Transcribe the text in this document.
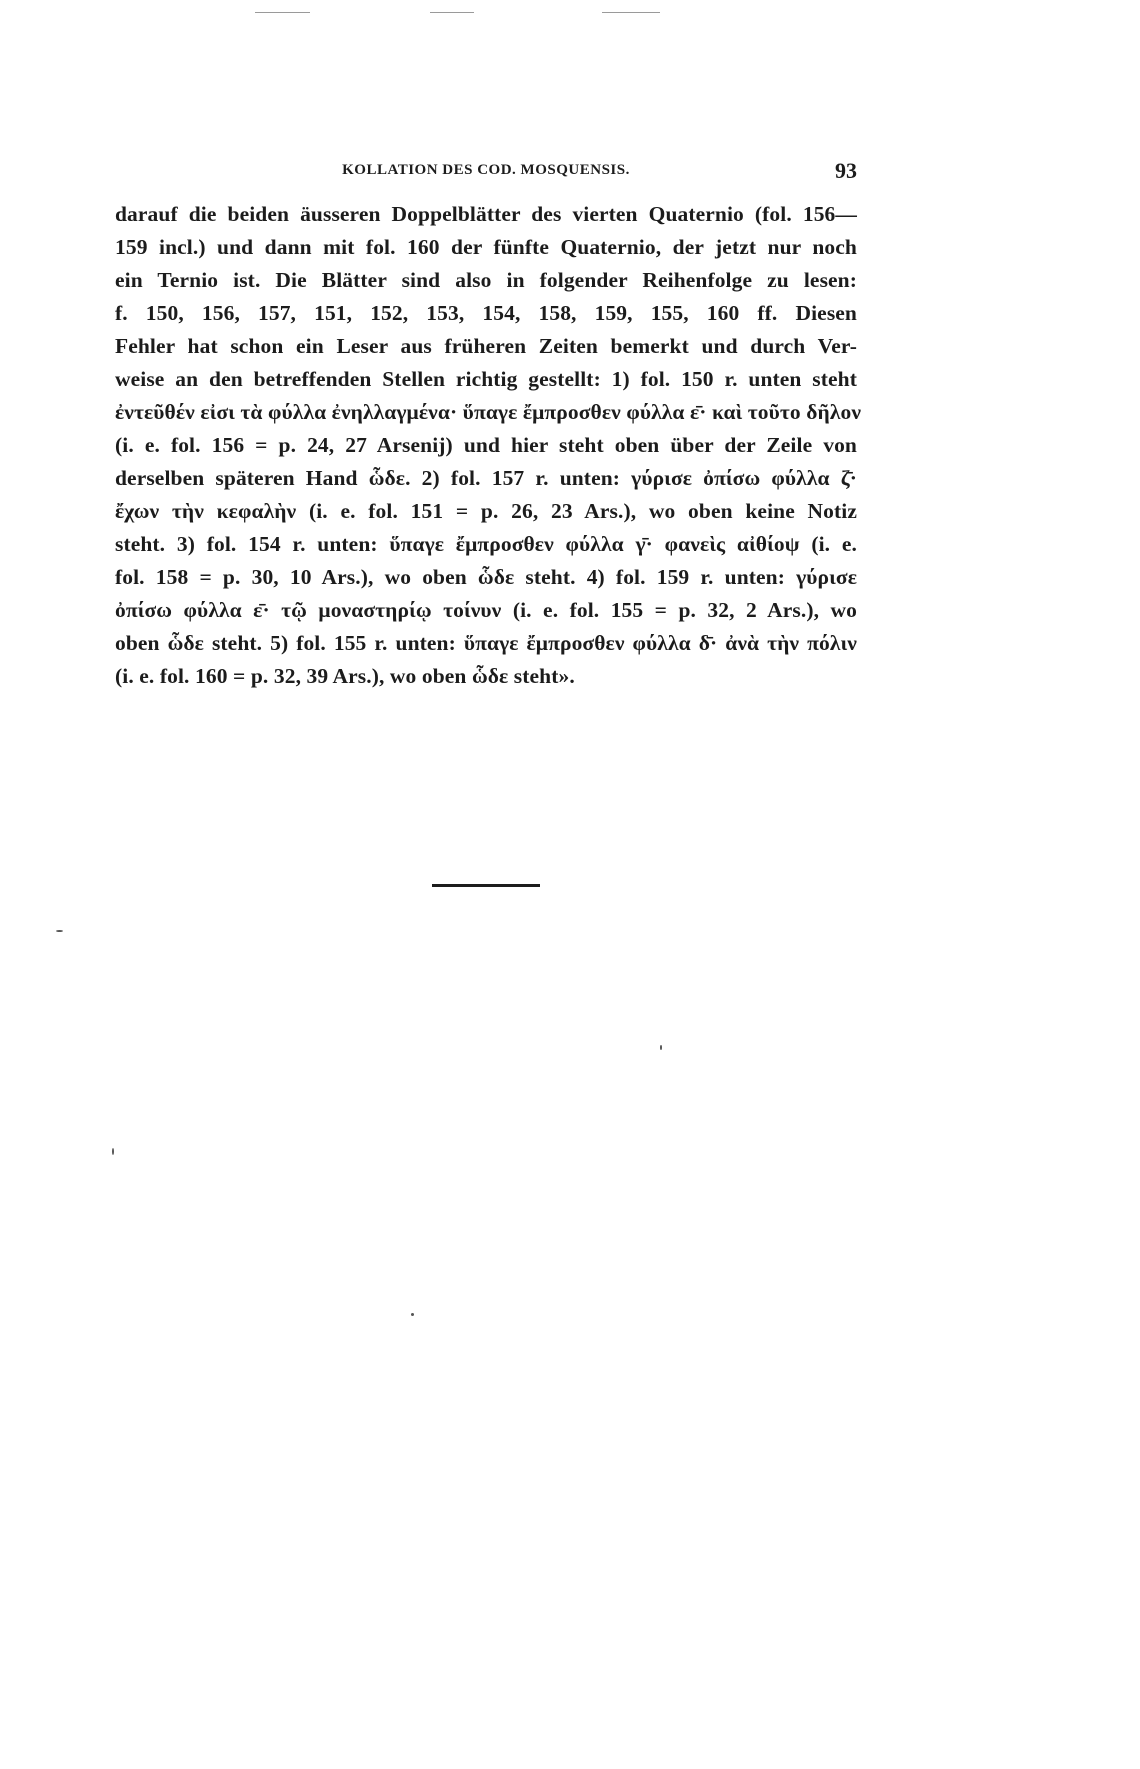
KOLLATION DES COD. MOSQUENSIS.	93
darauf die beiden äusseren Doppelblätter des vierten Quaternio (fol. 156—
159 incl.) und dann mit fol. 160 der fünfte Quaternio, der jetzt nur noch
ein Ternio ist. Die Blätter sind also in folgender Reihenfolge zu lesen:
f. 150, 156, 157, 151, 152, 153, 154, 158, 159, 155, 160 ff. Diesen
Fehler hat schon ein Leser aus früheren Zeiten bemerkt und durch Ver-
weise an den betreffenden Stellen richtig gestellt: 1) fol. 150 r. unten steht
ἐντεῦθέν εἰσι τὰ φύλλα ἐνηλλαγμένα· ὕπαγε ἔμπροσθεν φύλλα ε̄· καὶ τοῦτο δῆλον
(i. e. fol. 156 = p. 24, 27 Arsenij) und hier steht oben über der Zeile von
derselben späteren Hand ὧδε. 2) fol. 157 r. unten: γύρισε ὀπίσω φύλλα ζ̄·
ἔχων τὴν κεφαλὴν (i. e. fol. 151 = p. 26, 23 Ars.), wo oben keine Notiz
steht. 3) fol. 154 r. unten: ὕπαγε ἔμπροσθεν φύλλα γ̄· φανεὶς αἰθίοψ (i. e.
fol. 158 = p. 30, 10 Ars.), wo oben ὧδε steht. 4) fol. 159 r. unten: γύρισε
ὀπίσω φύλλα ε̄· τῷ μοναστηρίῳ τοίνυν (i. e. fol. 155 = p. 32, 2 Ars.), wo
oben ὧδε steht. 5) fol. 155 r. unten: ὕπαγε ἔμπροσθεν φύλλα δ̄· ἀνὰ τὴν πόλιν
(i. e. fol. 160 = p. 32, 39 Ars.), wo oben ὧδε steht».
